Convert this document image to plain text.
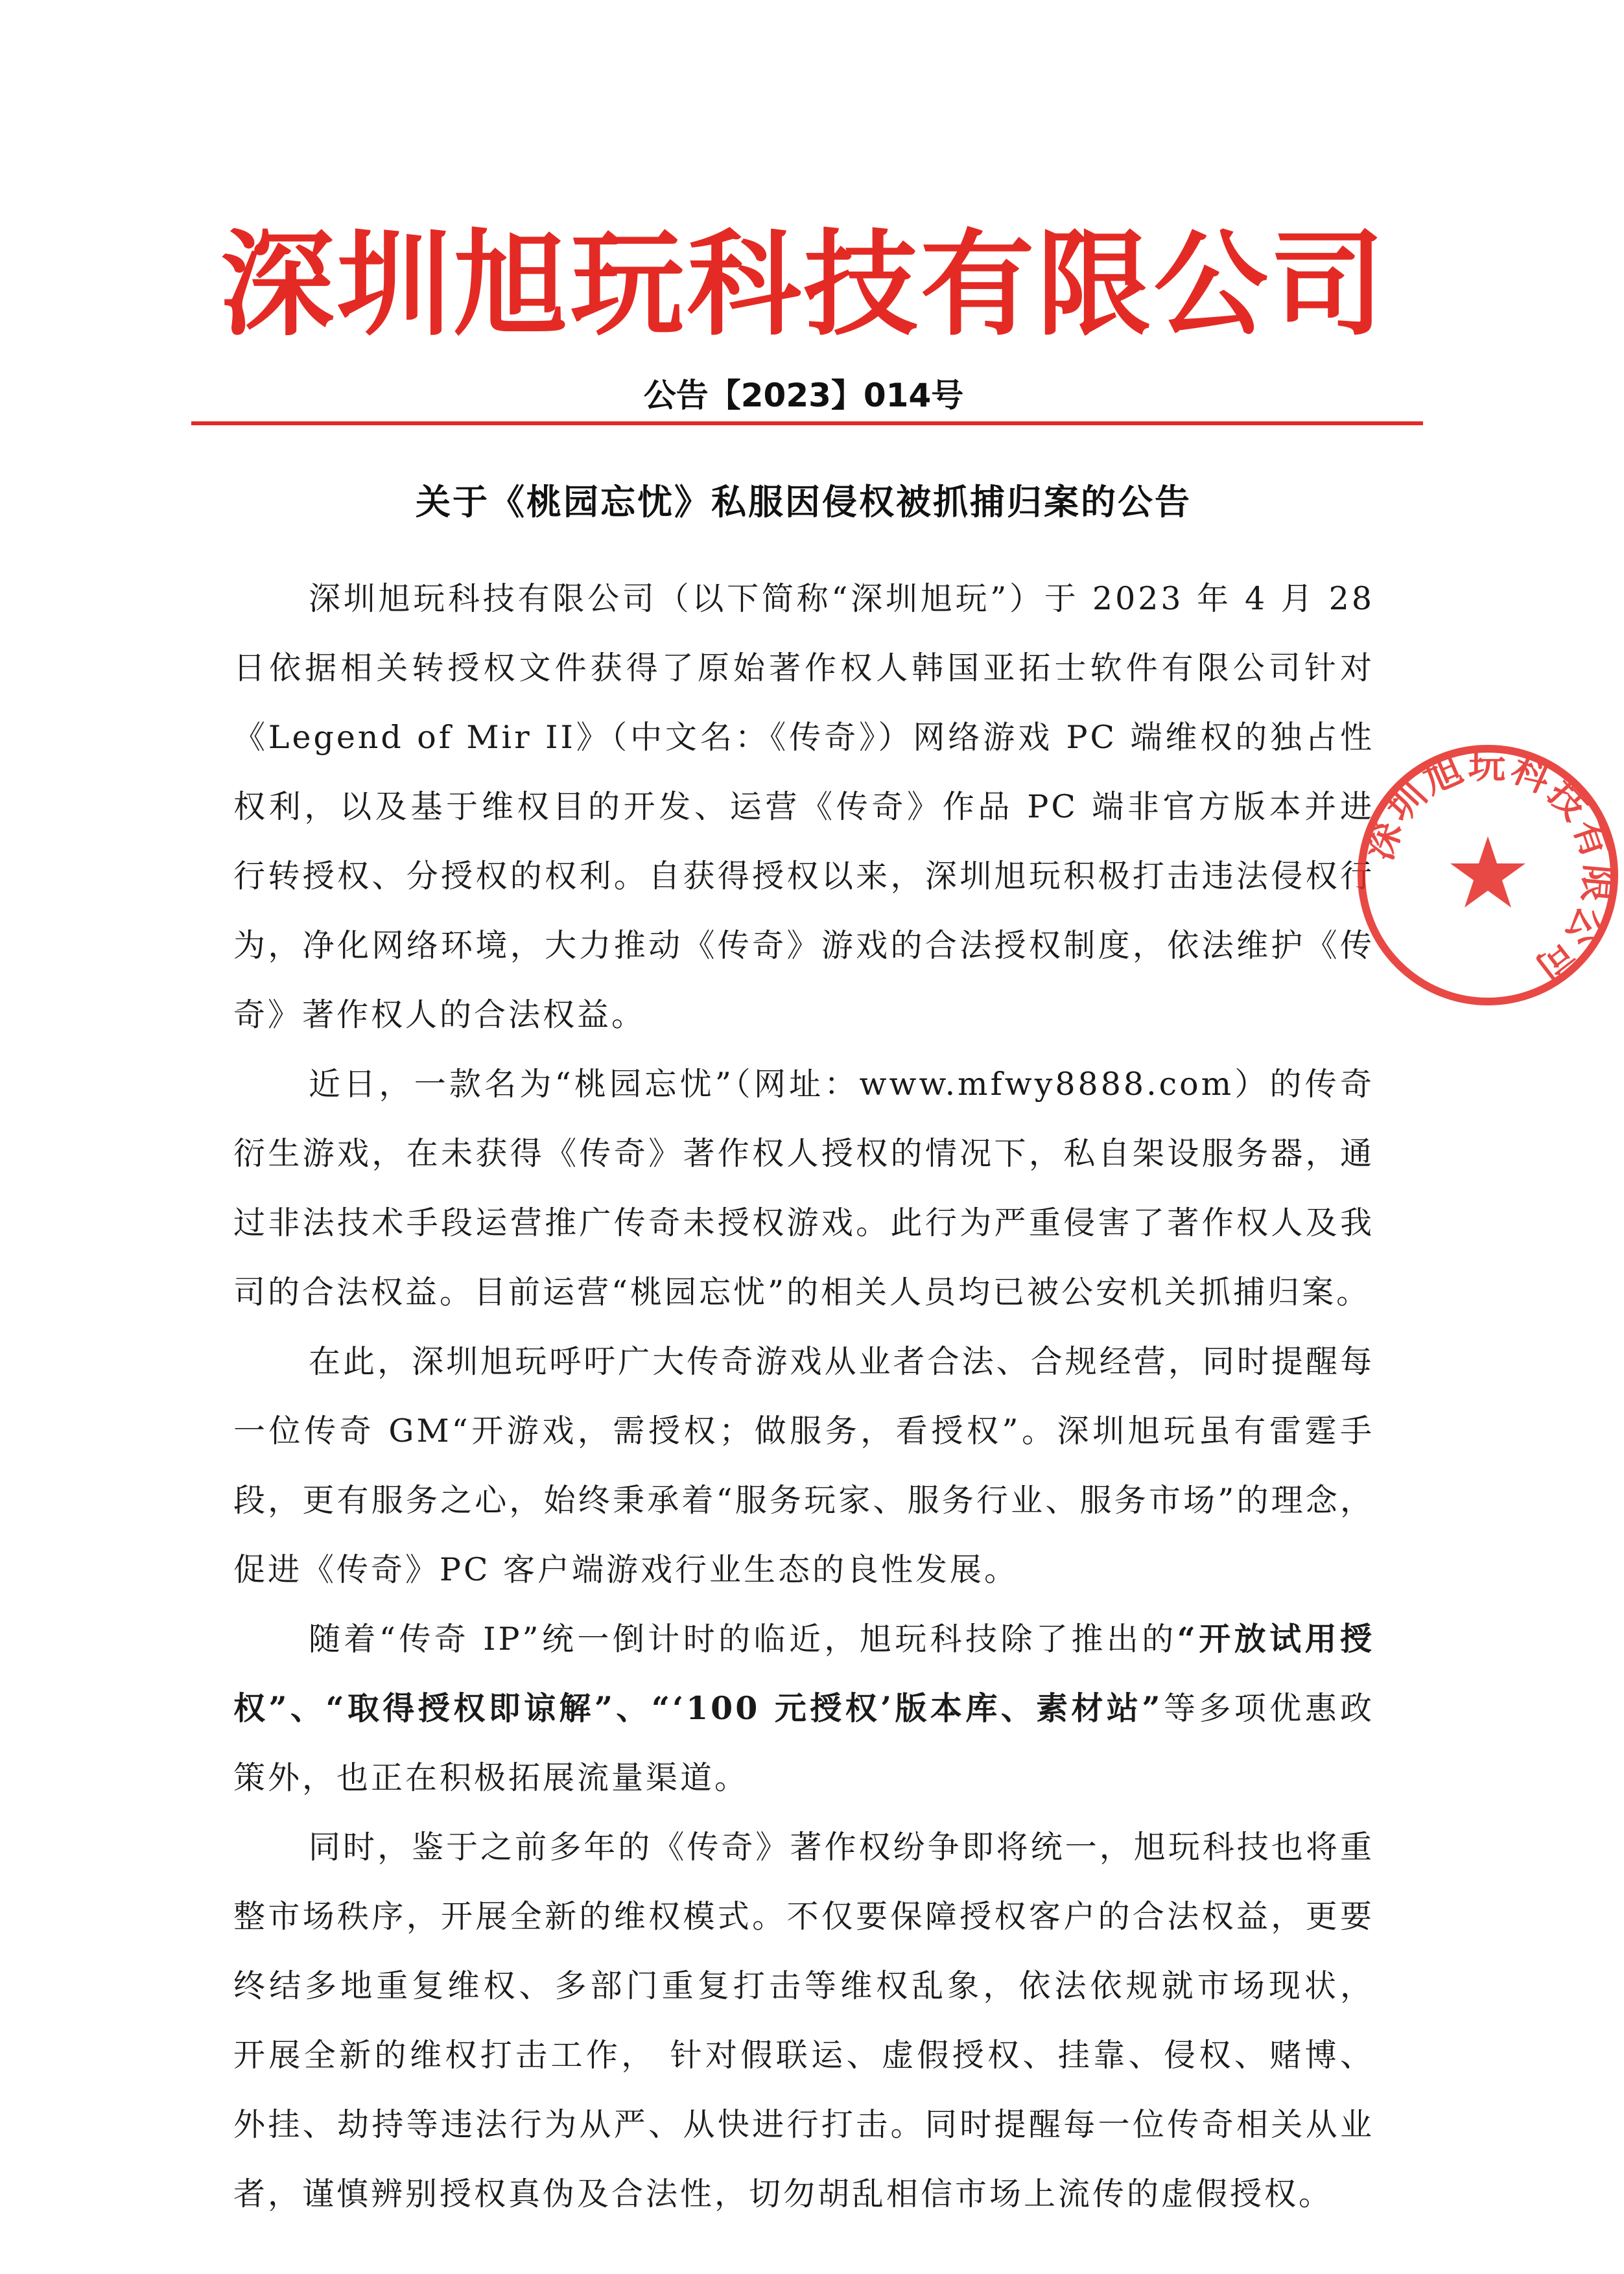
深圳旭玩科技有限公司
公告【2023】014号
关于《桃园忘忧》私服因侵权被抓捕归案的公告

深圳旭玩科技有限公司（以下简称“深圳旭玩”）于 2023 年 4 月 28 日依据相关转授权文件获得了原始著作权人韩国亚拓士软件有限公司针对《Legend of Mir II》（中文名：《传奇》）网络游戏 PC 端维权的独占性权利，以及基于维权目的开发、运营《传奇》作品 PC 端非官方版本并进行转授权、分授权的权利。自获得授权以来，深圳旭玩积极打击违法侵权行为，净化网络环境，大力推动《传奇》游戏的合法授权制度，依法维护《传奇》著作权人的合法权益。

近日，一款名为“桃园忘忧”（网址：www.mfwy8888.com）的传奇衍生游戏，在未获得《传奇》著作权人授权的情况下，私自架设服务器，通过非法技术手段运营推广传奇未授权游戏。此行为严重侵害了著作权人及我司的合法权益。目前运营“桃园忘忧”的相关人员均已被公安机关抓捕归案。

在此，深圳旭玩呼吁广大传奇游戏从业者合法、合规经营，同时提醒每一位传奇 GM“开游戏，需授权；做服务，看授权”。深圳旭玩虽有雷霆手段，更有服务之心，始终秉承着“服务玩家、服务行业、服务市场”的理念，促进《传奇》PC 客户端游戏行业生态的良性发展。

随着“传奇 IP”统一倒计时的临近，旭玩科技除了推出的“开放试用授权”、“取得授权即谅解”、“‘100 元授权’版本库、素材站”等多项优惠政策外，也正在积极拓展流量渠道。

同时，鉴于之前多年的《传奇》著作权纷争即将统一，旭玩科技也将重整市场秩序，开展全新的维权模式。不仅要保障授权客户的合法权益，更要终结多地重复维权、多部门重复打击等维权乱象，依法依规就市场现状， 开展全新的维权打击工作， 针对假联运、虚假授权、挂靠、侵权、赌博、外挂、劫持等违法行为从严、从快进行打击。同时提醒每一位传奇相关从业者，谨慎辨别授权真伪及合法性，切勿胡乱相信市场上流传的虚假授权。

深圳旭玩科技有限公司
